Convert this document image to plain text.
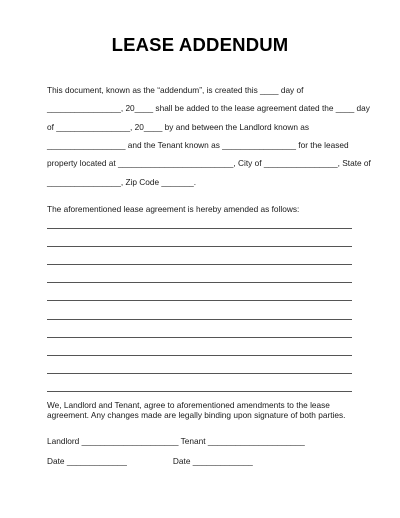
LEASE ADDENDUM
This document, known as the “addendum”, is created this ____ day of
________________, 20____ shall be added to the lease agreement dated the ____ day
of ________________, 20____ by and between the Landlord known as
_________________ and the Tenant known as ________________ for the leased
property located at _________________________, City of ________________, State of
________________, Zip Code _______.
The aforementioned lease agreement is hereby amended as follows:
We, Landlord and Tenant, agree to aforementioned amendments to the lease
agreement. Any changes made are legally binding upon signature of both parties.
Landlord _____________________ Tenant _____________________
Date _____________                    Date _____________
